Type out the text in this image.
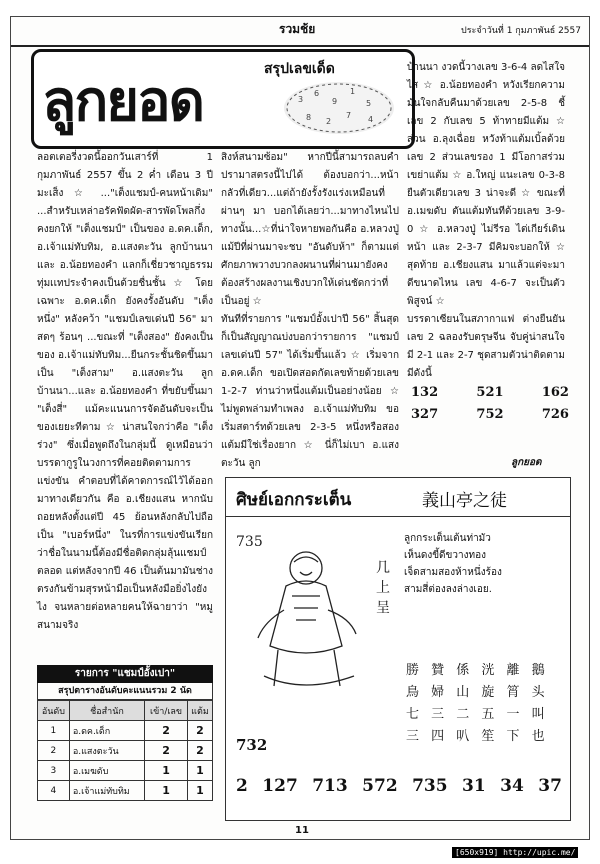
รวมช้ย	ประจำวันที่ 1 กุมภาพันธ์ 2557
ลูกยอด	สรุปเลขเด็ด
3
6
9
1
5
8 2
7 4

ลอตเตอรี่งวดนี้ออกวันเสาร์ที่ 1 กุมภาพันธ์ 2557 ขึ้น 2 ค่ำ เดือน 3 ปีมะเส็ง ☆ ..."เต็งแชมป์-คนหน้าเดิม" ...สำหรับเหล่าอรัคฟัดผัด-สารพัดโพลกึ่งคงยกให้ "เต็งแชมป์" เป็นของ อ.ดค.เด็ก, อ.เจ้าแม่ทับทิม, อ.แสงตะวัน ลูกบ้านนา และ อ.น้อยทองคำ แลกก็เชี่ยวชาญธรรมทุ่มเเทประจำคงเป็นด้วยชื่นชั้น ☆ โดยเฉพาะ อ.ดค.เด็ก ยังคงรั้งอันดับ "เต็งหนึ่ง" หลังคว้า "แชมป์เลขเด่นปี 56" มาสดๆ ร้อนๆ ...ขณะที่ "เต็งสอง" ยังคงเป็นของ อ.เจ้าแม่ทับทิม...ยืนกระชั้นชิดขึ้นมาเป็น "เต็งสาม" อ.แสงตะวัน ลูกบ้านนา...และ อ.น้อยทองคำ ที่ขยับขึ้นมา "เต็งสี่" แม้คะแนนการจัดอันดับจะเป็นของเยยะทีตาม ☆ น่าสนใจกว่าคือ "เต็งร่วง" ซึ่งเมื่อพูดถึงในกลุ่มนี้ ดูเหมือนว่าบรรดากูรูในวงการที่คอยติดตามการแข่งขัน คำตอบที่ได้คาดการณ์ไว้ได้ออกมาทางเดียวกัน คือ อ.เชียงแสน หากนับถอยหลังตั้งแต่ปี 45 ย้อนหลังกลับไปถือเป็น "เบอร์หนึ่ง" ในรที่การแข่งขันเรียกว่าชื่อในนามนี้ต้องมีชื่อติดกลุ่มลุ้นแชมป์ตลอด แต่หลังจากปี 46 เป็นต้นมามันช่างตรงกันข้ามสุรหน้ามือเป็นหลังมือยิ่งไงยังไง จนหลายต่อหลายคนให้ฉายาว่า "หมูสนามจริง

สิงห์สนามซ้อม" หากปีนี้สามารถลบคำปรามาสตรงนี้ไปได้ ต้องบอกว่า...หน้ากลัวที่เดียว...แต่ถ้ายังรั้งรังแร่งเหมือนที่ผ่านๆ มา บอกได้เลยว่า...มาทางไหนไปทางนั้น...☆ที่น่าใจหายพอกันคือ อ.หลวงปู่ แม้ปีที่ผ่านมาจะชบ "อันดับห้า" ก็ตามแต่ศักยภาพวางบวกลงผนานที่ผ่านมายังคงต้องสร้างผลงานเชิงบวกให้เด่นชัดกว่าที่เป็นอยู่ ☆

ทันทีที่รายการ "แชมป์อั้งเปาปี 56" สิ้นสุด ก็เป็นสัญญาณบ่งบอกว่ารายการ "แชมป์เลขเด่นปี 57" ได้เริ่มขึ้นแล้ว ☆ เริ่มจาก อ.ดค.เด็ก ขอเปิดสอดกัดเลขท้ายด้วยเลข 1-2-7 ท่านว่าหนึ่งแต้มเป็นอย่างน้อย ☆ ไม่พูดพล่ามทำเพลง อ.เจ้าแม่ทับทิม ขอเริ่มสตาร์ทด้วยเลข 2-3-5 หนึ่งหรือสองแต้มมีใช่เรื่องยาก ☆ นี่ก็ไม่เบา อ.แสงตะวัน ลูก

บ้านนา งวดนี้วางเลข 3-6-4 ลดไสใจไส ☆ อ.น้อยทองคำ หวังเรียกความมั่นใจกลับคืนมาด้วยเลข 2-5-8 ชี้เลข 2 กับเลข 5 ท้าทายมีแต้ม ☆ ส่วน อ.ลุงเฉื่อย หวังท้าแต้มเบิ้ลด้วยเลข 2 ส่วนเลขรอง 1 มีโอกาสร่วมเขย่าแต้ม ☆ อ.ใหญ่ แนะเลข 0-3-8 ยืนตัวเดียวเลข 3 น่าจะดี ☆ ขณะที่ อ.เมฆดับ ตันแต้มทันทีด้วยเลข 3-9-0 ☆ อ.หลวงปู่ ไม่รีรอ ไต่เกียร์เดินหน้า และ 2-3-7 มีคิมจะบอกให้ ☆ สุดท้าย อ.เชียงแสน มาแล้วแต่จะมาดีขนาดไหน เลข 4-6-7 จะเป็นตัวพิสูจน์ ☆

บรรดาเซียนในสภากาแฟ ต่างยืนยันเลข 2 ฉลองรับตรุษจีน จับคู่น่าสนใจมี 2-1 และ 2-7 ชุดสามตัวน่าติดตามมีดังนี้

132	521	162
327	752	726
ลูกยอด
ศิษย์เอกกระเต็น	義山亭之徒
735
几
上
呈
ลูกกระเต็นเต้นท่ามัว
เห็นดงขี้ดีขวางทอง
เจ็ดสามสองห้าหนึ่งร้อง
สามสี่ต่องลงล่างเอย.
勝 贊 係 洸 離 鵝
鳥 婦 山 旋 筲 头
七 三 二 五 一 叫
三 四 叭 笙 下 也
732
2 127 713 572 735 31 34 37
รายการ "แชมป์อั้งเปา"
สรุปตารางอันดับคะแนนรวม 2 นัด
อันดับ	ชื่อสำนัก	เข้า/เลข	แต้ม
1	อ.ดค.เด็ก	2	2
2	อ.แสงตะวัน	2	2
3	อ.เมฆดับ	1	1
4	อ.เจ้าแม่ทับทิม	1	1
11
[650x919] http://upic.me/
